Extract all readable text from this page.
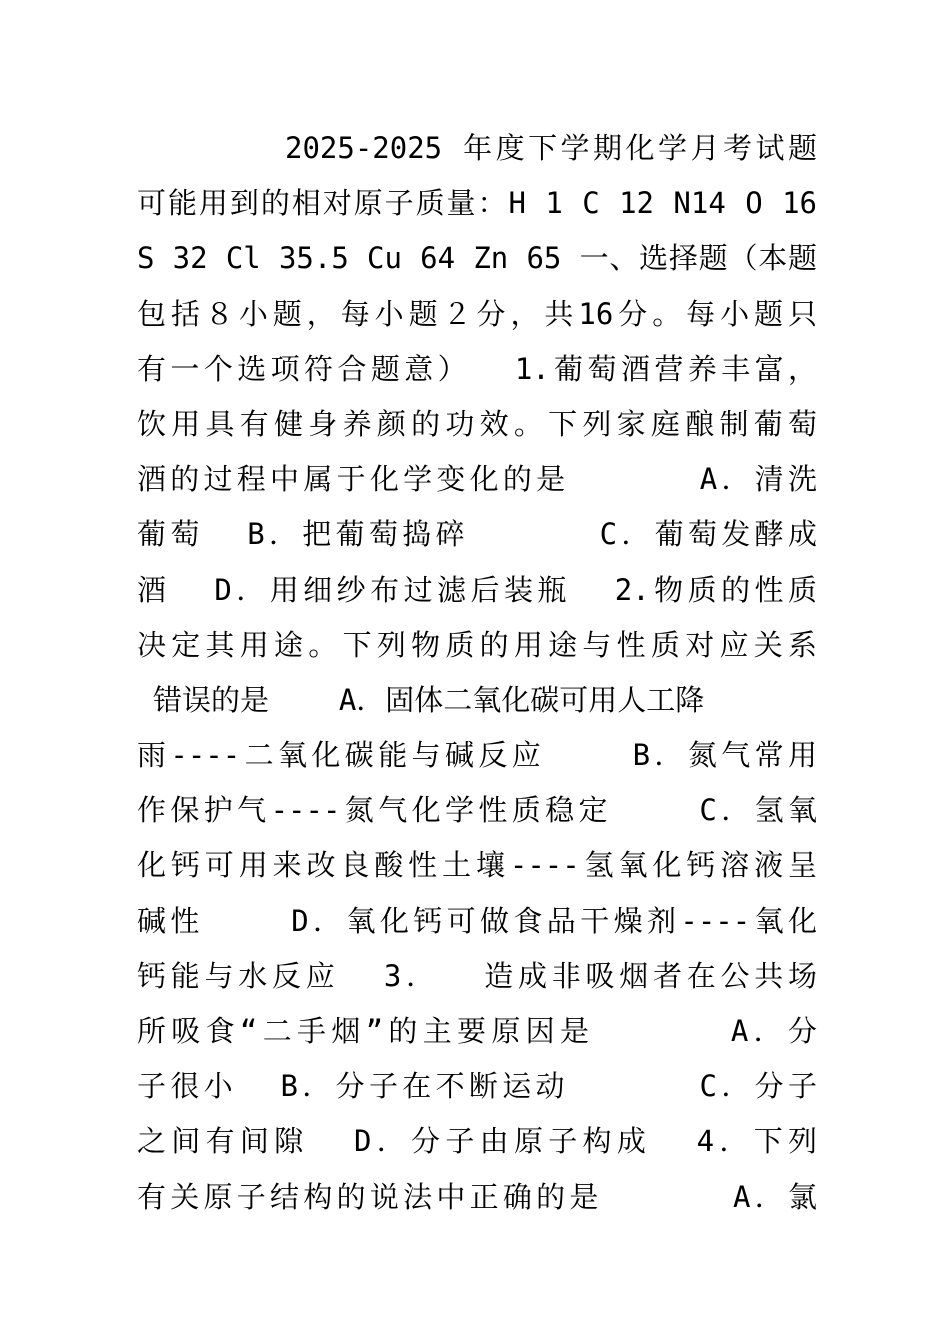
2025-2025 年度下学期化学月考试题
可能用到的相对原子质量：H 1 C 12 N14 O 16
S 32 Cl 35.5 Cu 64 Zn 65 一、选择题（本题
包括８小题，每小题２分，共16分。每小题只
有一个选项符合题意）  1.葡萄酒营养丰富，
饮用具有健身养颜的功效。下列家庭酿制葡萄
酒的过程中属于化学变化的是      A．清洗
葡萄  B．把葡萄捣碎      C．葡萄发酵成
酒  D．用细纱布过滤后装瓶  2.物质的性质
决定其用途。下列物质的用途与性质对应关系
错误的是    A．固体二氧化碳可用人工降
雨----二氧化碳能与碱反应    B．氮气常用
作保护气----氮气化学性质稳定    C．氢氧
化钙可用来改良酸性土壤----氢氧化钙溶液呈
碱性    D．氧化钙可做食品干燥剂----氧化
钙能与水反应  3．  造成非吸烟者在公共场
所吸食“二手烟”的主要原因是      A．分
子很小  B．分子在不断运动      C．分子
之间有间隙  D．分子由原子构成  4．下列
有关原子结构的说法中正确的是      A．氯
